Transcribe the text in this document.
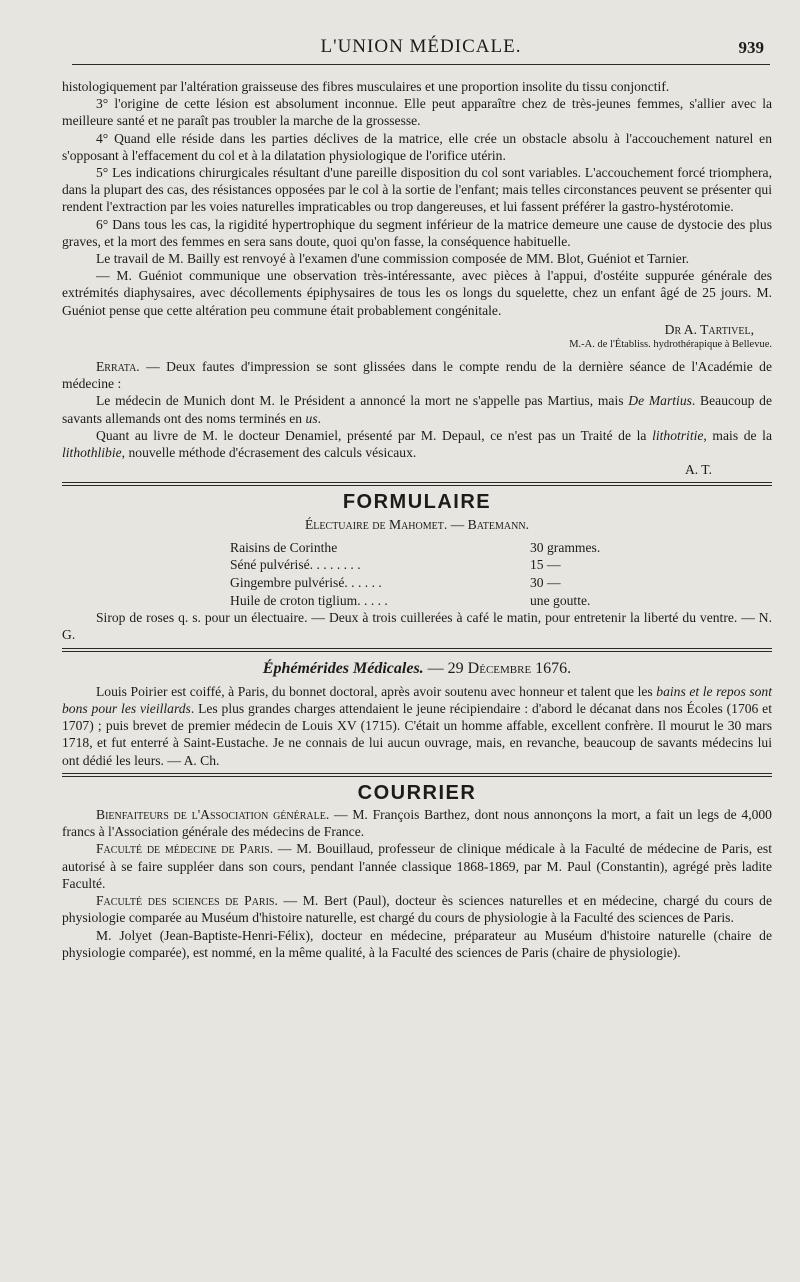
L'UNION MÉDICALE.	939

histologiquement par l'altération graisseuse des fibres musculaires et une proportion insolite du tissu conjonctif.

3° l'origine de cette lésion est absolument inconnue. Elle peut apparaître chez de très-jeunes femmes, s'allier avec la meilleure santé et ne paraît pas troubler la marche de la grossesse.

4° Quand elle réside dans les parties déclives de la matrice, elle crée un obstacle absolu à l'accouchement naturel en s'opposant à l'effacement du col et à la dilatation physiologique de l'orifice utérin.

5° Les indications chirurgicales résultant d'une pareille disposition du col sont variables. L'accouchement forcé triomphera, dans la plupart des cas, des résistances opposées par le col à la sortie de l'enfant; mais telles circonstances peuvent se présenter qui rendent l'extraction par les voies naturelles impraticables ou trop dangereuses, et lui fassent préférer la gastro-hystérotomie.

6° Dans tous les cas, la rigidité hypertrophique du segment inférieur de la matrice demeure une cause de dystocie des plus graves, et la mort des femmes en sera sans doute, quoi qu'on fasse, la conséquence habituelle.

Le travail de M. Bailly est renvoyé à l'examen d'une commission composée de MM. Blot, Guéniot et Tarnier.

— M. Guéniot communique une observation très-intéressante, avec pièces à l'appui, d'ostéite suppurée générale des extrémités diaphysaires, avec décollements épiphysaires de tous les os longs du squelette, chez un enfant âgé de 25 jours. M. Guéniot pense que cette altération peu commune était probablement congénitale.

Dr A. Tartivel,

M.-A. de l'Établiss. hydrothérapique à Bellevue.

Errata. — Deux fautes d'impression se sont glissées dans le compte rendu de la dernière séance de l'Académie de médecine :

Le médecin de Munich dont M. le Président a annoncé la mort ne s'appelle pas Martius, mais De Martius. Beaucoup de savants allemands ont des noms terminés en us.

Quant au livre de M. le docteur Denamiel, présenté par M. Depaul, ce n'est pas un Traité de la lithotritie, mais de la lithothlibie, nouvelle méthode d'écrasement des calculs vésicaux.

A. T.

FORMULAIRE

Électuaire de Mahomet. — Batemann.

Raisins de Corinthe	30 grammes.
Séné pulvérisé. . . . . . . .	15 —
Gingembre pulvérisé. . . . . .	30 —
Huile de croton tiglium. . . . .	une goutte.

Sirop de roses q. s. pour un électuaire. — Deux à trois cuillerées à café le matin, pour entretenir la liberté du ventre. — N. G.

Éphémérides Médicales. — 29 Décembre 1676.

Louis Poirier est coiffé, à Paris, du bonnet doctoral, après avoir soutenu avec honneur et talent que les bains et le repos sont bons pour les vieillards. Les plus grandes charges attendaient le jeune récipiendaire : d'abord le décanat dans nos Écoles (1706 et 1707) ; puis brevet de premier médecin de Louis XV (1715). C'était un homme affable, excellent confrère. Il mourut le 30 mars 1718, et fut enterré à Saint-Eustache. Je ne connais de lui aucun ouvrage, mais, en revanche, beaucoup de savants médecins lui ont dédié les leurs. — A. Ch.

COURRIER

Bienfaiteurs de l'Association générale. — M. François Barthez, dont nous annonçons la mort, a fait un legs de 4,000 francs à l'Association générale des médecins de France.

Faculté de médecine de Paris. — M. Bouillaud, professeur de clinique médicale à la Faculté de médecine de Paris, est autorisé à se faire suppléer dans son cours, pendant l'année classique 1868-1869, par M. Paul (Constantin), agrégé près ladite Faculté.

Faculté des sciences de Paris. — M. Bert (Paul), docteur ès sciences naturelles et en médecine, chargé du cours de physiologie comparée au Muséum d'histoire naturelle, est chargé du cours de physiologie à la Faculté des sciences de Paris.

M. Jolyet (Jean-Baptiste-Henri-Félix), docteur en médecine, préparateur au Muséum d'histoire naturelle (chaire de physiologie comparée), est nommé, en la même qualité, à la Faculté des sciences de Paris (chaire de physiologie).
